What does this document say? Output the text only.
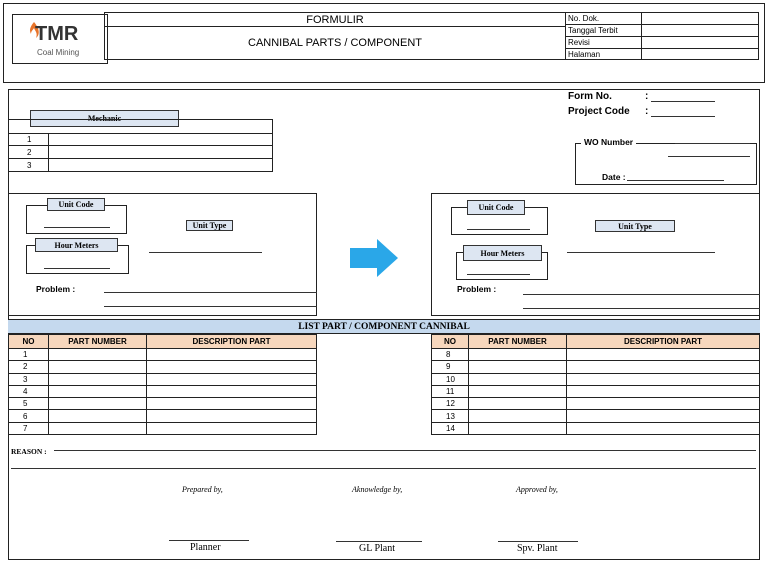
TMR
Coal Mining
FORMULIR
CANNIBAL PARTS / COMPONENT
No. Dok.
Tanggal Terbit
Revisi
Halaman
Mechanic
1
2
3
Form No.	:
Project Code :
WO Number
Date :
Unit Code
Hour Meters
Unit Type
Problem :
Unit Code
Hour Meters
Unit Type
Problem :
LIST PART / COMPONENT CANNIBAL
NO	PART NUMBER	DESCRIPTION PART
1
2
3
4
5
6
7
NO	PART NUMBER	DESCRIPTION PART
8
9
10
11
12
13
14
REASON :
Prepared by,	Aknowledge by,	Approved by,
Planner	GL Plant	Spv. Plant
